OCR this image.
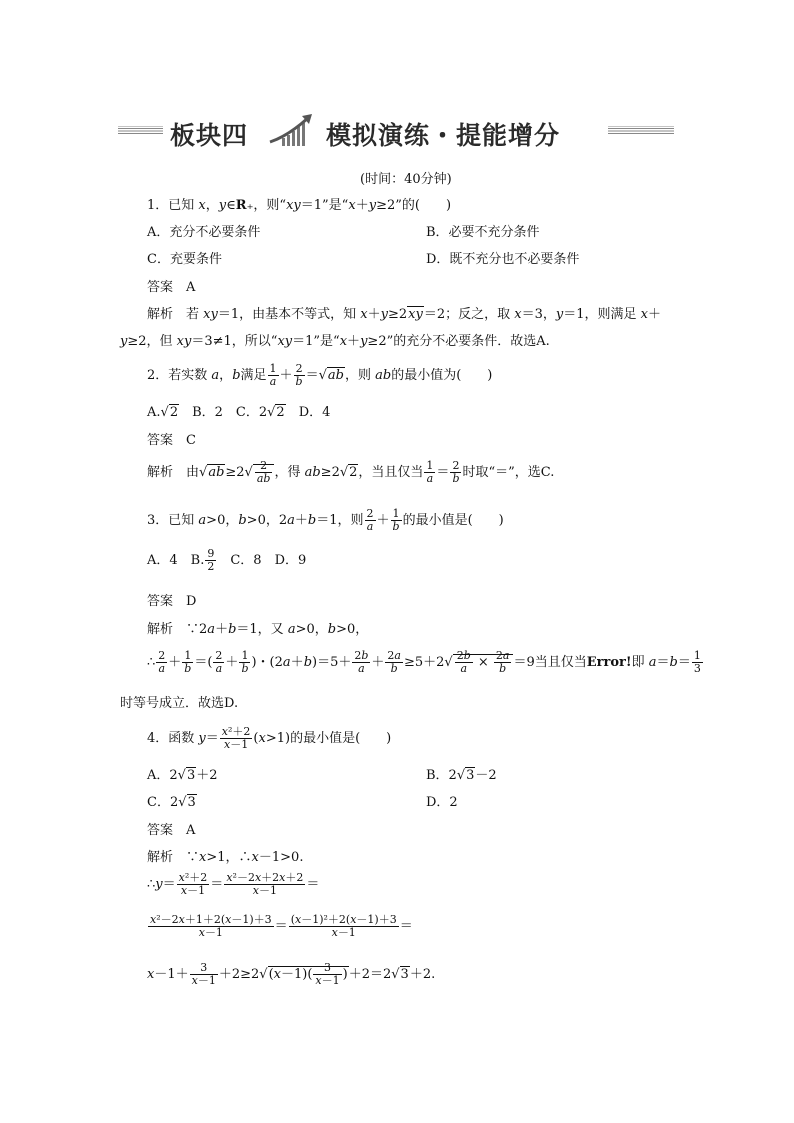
板块四	模拟演练・提能增分
(时间：40分钟)
1．已知 x，y∈R₊，则“xy＝1”是“x＋y≥2”的(　　)
A．充分不必要条件	B．必要不充分条件
C．充要条件	D．既不充分也不必要条件
答案　 A
解析　若 xy＝1，由基本不等式，知 x＋y≥2xy＝2；反之，取 x＝3，y＝1，则满足 x＋
y≥2，但 xy＝3≠1，所以“xy＝1”是“x＋y≥2”的充分不必要条件．故选A.
2．若实数 a，b满足 $\frac{1}{a} + \frac{2}{b} =√ab$，则 ab的最小值为(　　)
A.√2　B．2　C．2√2　D．4
答案　 C
解析　由$√ab\ge 2√ \frac{2}{ab}$ ，得 ab≥2√2，当且仅当 $\frac{1}{a} = \frac{2}{b}$ 时取“＝”，选C.
3．已知 a>0，b>0，2a＋b＝1，则 $\frac{2}{a} + \frac{1}{b}$ 的最小值是(　　)
A．4　B. $\frac{9}{2}$ 　C．8　D．9
答案　 D
解析　∵2a＋b＝1，又 a>0，b>0，
∴ $\frac{2}{a} + \frac{1}{b}$ ＝( $\frac{2}{a} + \frac{1}{b}$ )・$(2a+b)=5+ \frac{2b}{a} + \frac{2a}{b} \ge 5+2√ \frac{2b}{a} \times \frac{2a}{b} =9$当且仅当Error!即 $a=b= \frac{1}{3}$
时等号成立．故选D.
4．函数 $y= \frac{\text{x²＋2}}{x-1} (x>1)$的最小值是(　　)
A．2√3＋2	B．2√3－2
C．2√3	D．2
答案　 A
解析　∵x>1，∴x－1>0.
∴y＝ $\frac{\text{x²＋2}}{x-1} = \frac{\text{x²－2x＋2x＋2}}{x-1}$ ＝
$\frac{\text{x²－2x＋1＋2(x－1)＋3}}{x-1} = \frac{\text{(x－1)²＋2(x－1)＋3}}{x-1}$ ＝
$x-1+ \frac{3}{x-1} +2\ge 2√(x-1)( \frac{3}{x-1} )+2=2√3+2$.
